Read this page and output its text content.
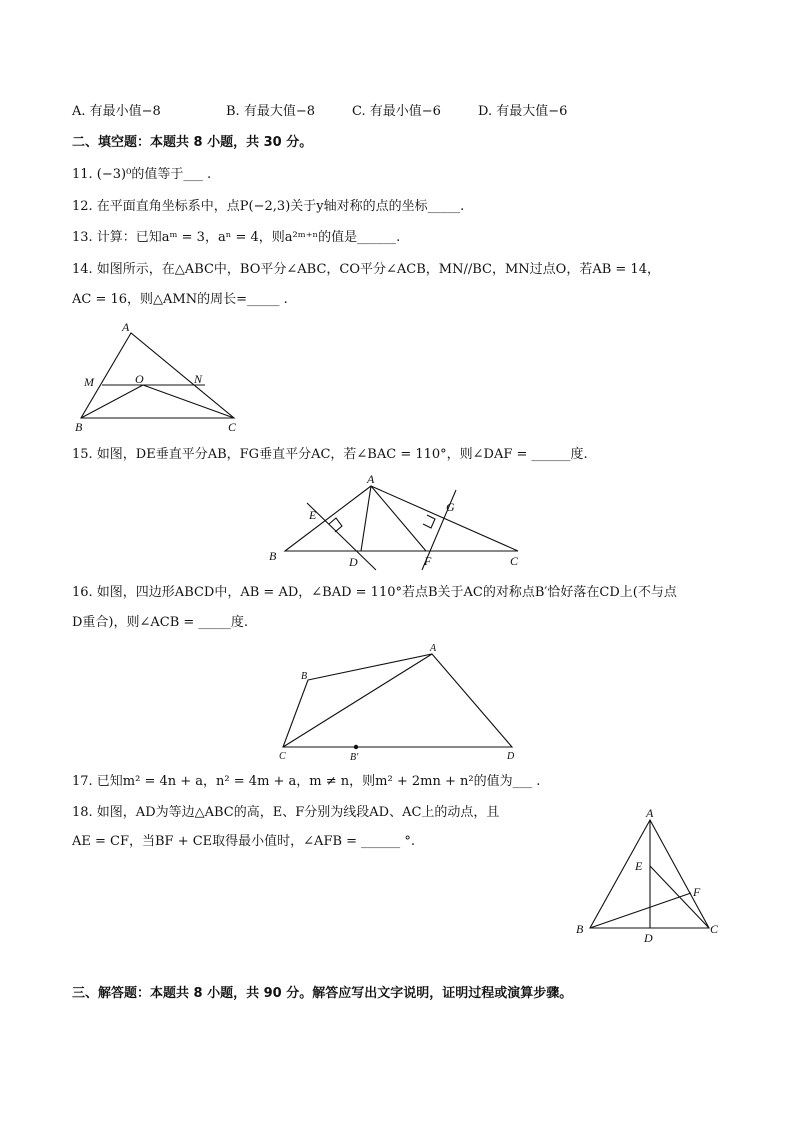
A. 有最小值−8	B. 有最大值−8	C. 有最小值−6	D. 有最大值−6
二、填空题：本题共 8 小题，共 30 分。
11. (−3)⁰的值等于___ .
12. 在平面直角坐标系中，点P(−2,3)关于y轴对称的点的坐标_____.
13. 计算：已知aᵐ = 3，aⁿ = 4，则a²ᵐ⁺ⁿ的值是______.
14. 如图所示，在△ABC中，BO平分∠ABC，CO平分∠ACB，MN//BC，MN过点O，若AB = 14，
AC = 16，则△AMN的周长=_____ .
A
M	O	N
B	C
15. 如图，DE垂直平分AB，FG垂直平分AC，若∠BAC = 110°，则∠DAF = ______度.
A
E
G
B	D	F	C
16. 如图，四边形ABCD中，AB = AD，∠BAD = 110°若点B关于AC的对称点B′恰好落在CD上(不与点
D重合)，则∠ACB = _____度.
B
A
C	B′	D
17. 已知m² = 4n + a，n² = 4m + a，m ≠ n，则m² + 2mn + n²的值为___ .
18. 如图，AD为等边△ABC的高，E、F分别为线段AD、AC上的动点，且
AE = CF，当BF + CE取得最小值时，∠AFB = ______ °.
A
E
F
B
D
C
三、解答题：本题共 8 小题，共 90 分。解答应写出文字说明，证明过程或演算步骤。
